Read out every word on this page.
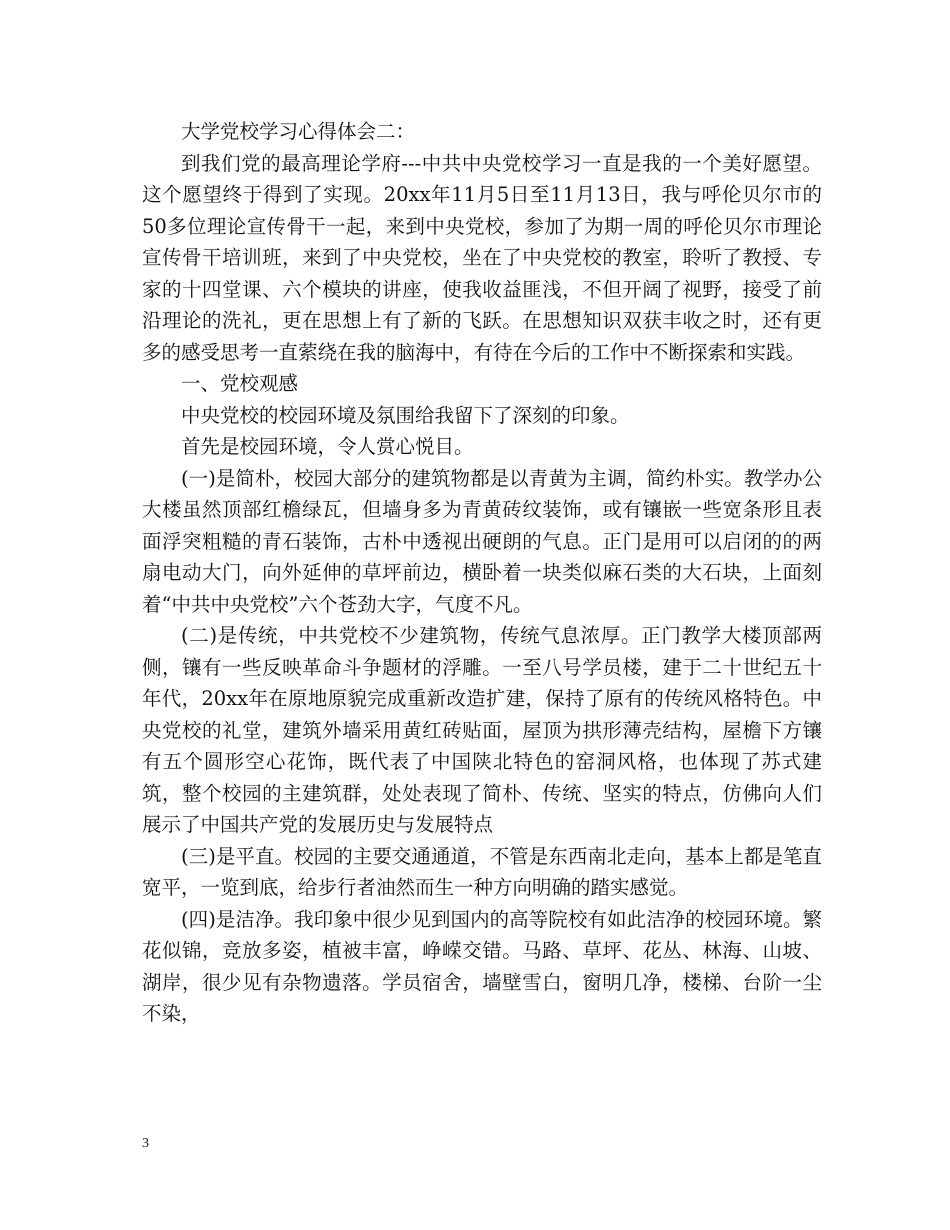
大学党校学习心得体会二：

到我们党的最高理论学府---中共中央党校学习一直是我的一个美好愿望。这个愿望终于得到了实现。20xx年11月5日至11月13日，我与呼伦贝尔市的50多位理论宣传骨干一起，来到中央党校，参加了为期一周的呼伦贝尔市理论宣传骨干培训班，来到了中央党校，坐在了中央党校的教室，聆听了教授、专家的十四堂课、六个模块的讲座，使我收益匪浅，不但开阔了视野，接受了前沿理论的洗礼，更在思想上有了新的飞跃。在思想知识双获丰收之时，还有更多的感受思考一直萦绕在我的脑海中，有待在今后的工作中不断探索和实践。

一、党校观感

中央党校的校园环境及氛围给我留下了深刻的印象。

首先是校园环境，令人赏心悦目。

(一)是简朴，校园大部分的建筑物都是以青黄为主调，简约朴实。教学办公大楼虽然顶部红檐绿瓦，但墙身多为青黄砖纹装饰，或有镶嵌一些宽条形且表面浮突粗糙的青石装饰，古朴中透视出硬朗的气息。正门是用可以启闭的的两扇电动大门，向外延伸的草坪前边，横卧着一块类似麻石类的大石块，上面刻着“中共中央党校”六个苍劲大字，气度不凡。

(二)是传统，中共党校不少建筑物，传统气息浓厚。正门教学大楼顶部两侧，镶有一些反映革命斗争题材的浮雕。一至八号学员楼，建于二十世纪五十年代，20xx年在原地原貌完成重新改造扩建，保持了原有的传统风格特色。中央党校的礼堂，建筑外墙采用黄红砖贴面，屋顶为拱形薄壳结构，屋檐下方镶有五个圆形空心花饰，既代表了中国陕北特色的窑洞风格，也体现了苏式建筑，整个校园的主建筑群，处处表现了简朴、传统、坚实的特点，仿佛向人们展示了中国共产党的发展历史与发展特点

(三)是平直。校园的主要交通通道，不管是东西南北走向，基本上都是笔直宽平，一览到底，给步行者油然而生一种方向明确的踏实感觉。

(四)是洁净。我印象中很少见到国内的高等院校有如此洁净的校园环境。繁花似锦，竞放多姿，植被丰富，峥嵘交错。马路、草坪、花丛、林海、山坡、湖岸，很少见有杂物遗落。学员宿舍，墙壁雪白，窗明几净，楼梯、台阶一尘不染，

3
